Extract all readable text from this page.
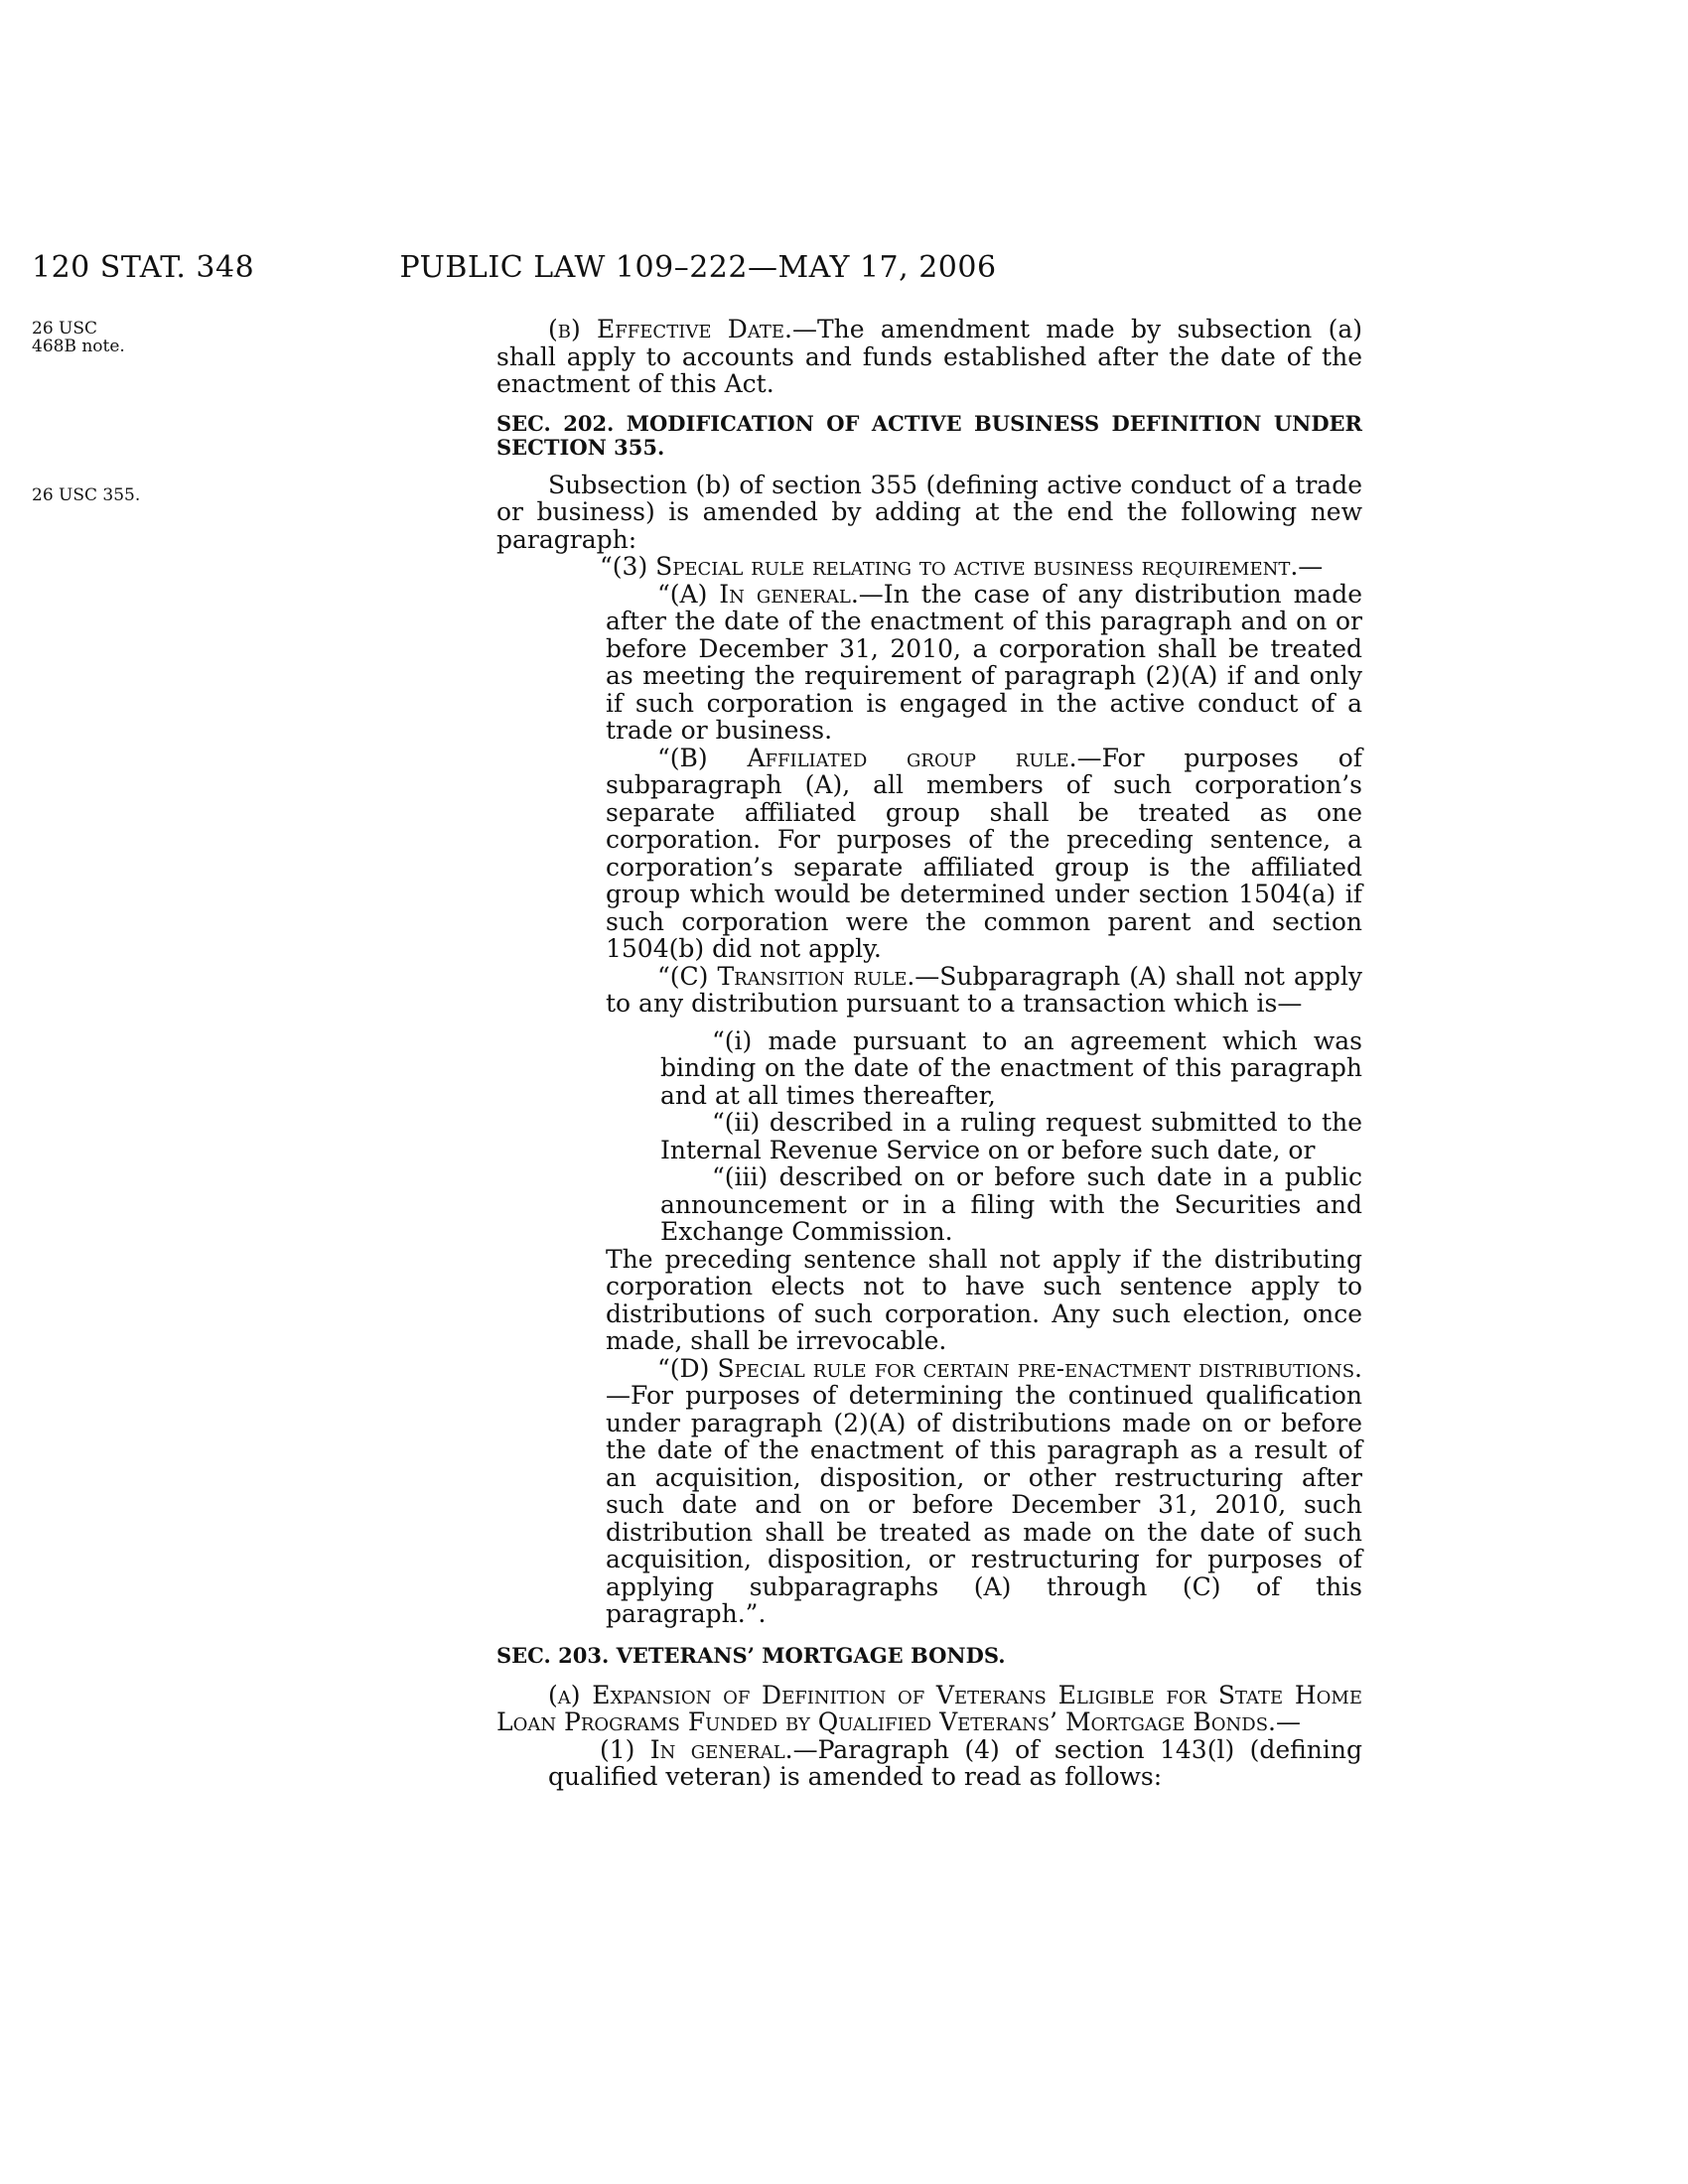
120 STAT. 348	PUBLIC LAW 109–222—MAY 17, 2006
26 USC 468B note.
26 USC 355.

(b) Effective Date.—The amendment made by subsection (a) shall apply to accounts and funds established after the date of the enactment of this Act.

SEC. 202. MODIFICATION OF ACTIVE BUSINESS DEFINITION UNDER SECTION 355.

Subsection (b) of section 355 (defining active conduct of a trade or business) is amended by adding at the end the following new paragraph:

“(3) Special rule relating to active business requirement.—

“(A) In general.—In the case of any distribution made after the date of the enactment of this paragraph and on or before December 31, 2010, a corporation shall be treated as meeting the requirement of paragraph (2)(A) if and only if such corporation is engaged in the active conduct of a trade or business.

“(B) Affiliated group rule.—For purposes of subparagraph (A), all members of such corporation’s separate affiliated group shall be treated as one corporation. For purposes of the preceding sentence, a corporation’s separate affiliated group is the affiliated group which would be determined under section 1504(a) if such corporation were the common parent and section 1504(b) did not apply.

“(C) Transition rule.—Subparagraph (A) shall not apply to any distribution pursuant to a transaction which is—

“(i) made pursuant to an agreement which was binding on the date of the enactment of this paragraph and at all times thereafter,

“(ii) described in a ruling request submitted to the Internal Revenue Service on or before such date, or

“(iii) described on or before such date in a public announcement or in a filing with the Securities and Exchange Commission.

The preceding sentence shall not apply if the distributing corporation elects not to have such sentence apply to distributions of such corporation. Any such election, once made, shall be irrevocable.

“(D) Special rule for certain pre-enactment distributions.—For purposes of determining the continued qualification under paragraph (2)(A) of distributions made on or before the date of the enactment of this paragraph as a result of an acquisition, disposition, or other restructuring after such date and on or before December 31, 2010, such distribution shall be treated as made on the date of such acquisition, disposition, or restructuring for purposes of applying subparagraphs (A) through (C) of this paragraph.”.

SEC. 203. VETERANS’ MORTGAGE BONDS.

(a) Expansion of Definition of Veterans Eligible for State Home Loan Programs Funded by Qualified Veterans’ Mortgage Bonds.—

(1) In general.—Paragraph (4) of section 143(l) (defining qualified veteran) is amended to read as follows:
